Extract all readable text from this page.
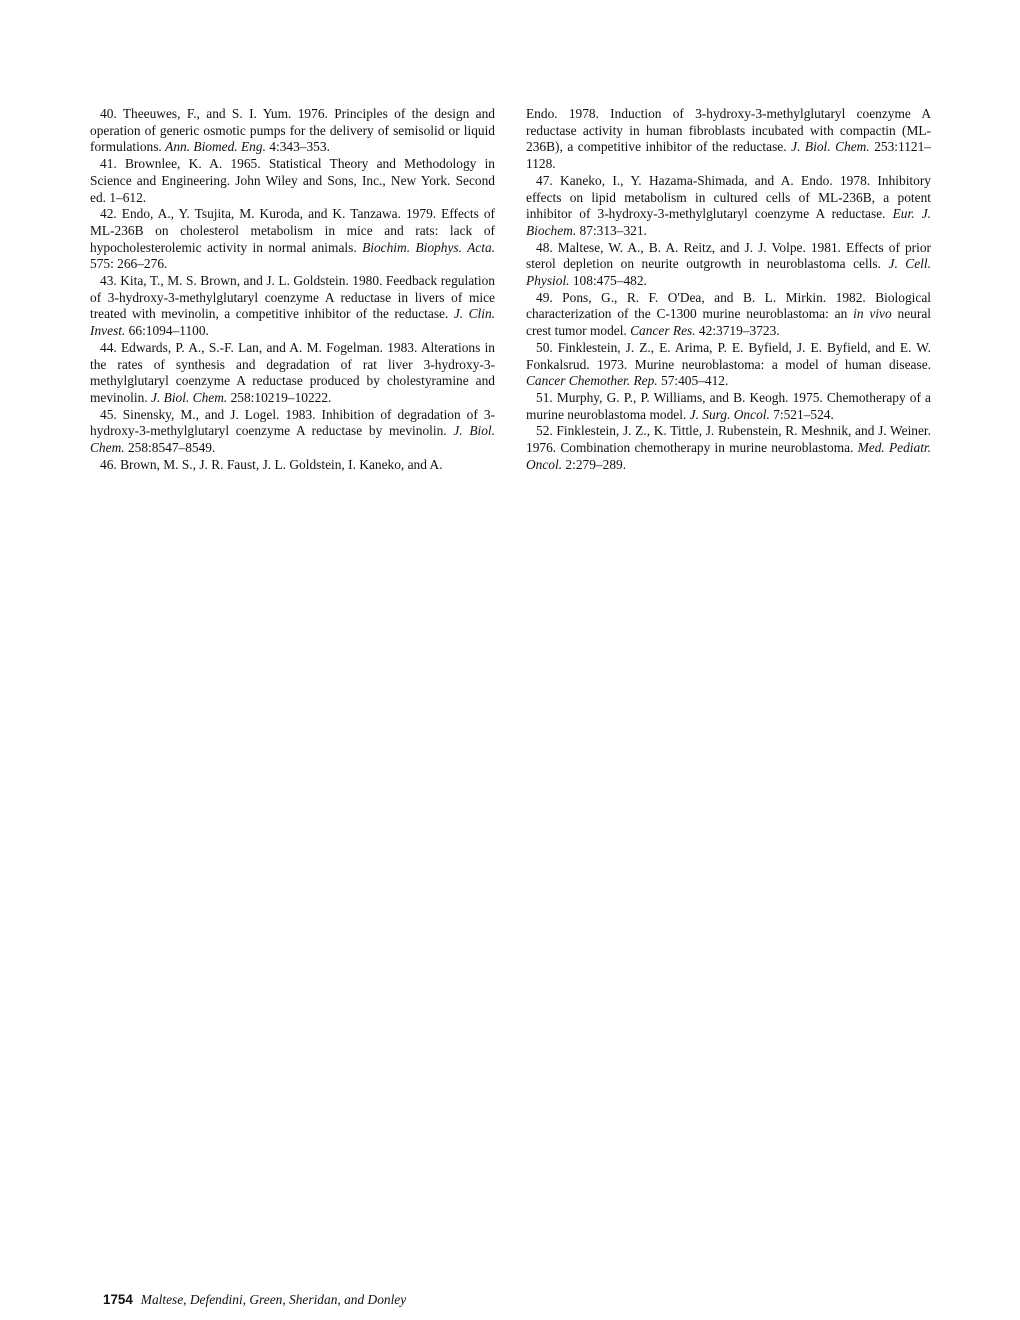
40. Theeuwes, F., and S. I. Yum. 1976. Principles of the design and operation of generic osmotic pumps for the delivery of semisolid or liquid formulations. Ann. Biomed. Eng. 4:343–353.

41. Brownlee, K. A. 1965. Statistical Theory and Methodology in Science and Engineering. John Wiley and Sons, Inc., New York. Second ed. 1–612.

42. Endo, A., Y. Tsujita, M. Kuroda, and K. Tanzawa. 1979. Effects of ML-236B on cholesterol metabolism in mice and rats: lack of hypocholesterolemic activity in normal animals. Biochim. Biophys. Acta. 575: 266–276.

43. Kita, T., M. S. Brown, and J. L. Goldstein. 1980. Feedback regulation of 3-hydroxy-3-methylglutaryl coenzyme A reductase in livers of mice treated with mevinolin, a competitive inhibitor of the reductase. J. Clin. Invest. 66:1094–1100.

44. Edwards, P. A., S.-F. Lan, and A. M. Fogelman. 1983. Alterations in the rates of synthesis and degradation of rat liver 3-hydroxy-3-methylglutaryl coenzyme A reductase produced by cholestyramine and mevinolin. J. Biol. Chem. 258:10219–10222.

45. Sinensky, M., and J. Logel. 1983. Inhibition of degradation of 3-hydroxy-3-methylglutaryl coenzyme A reductase by mevinolin. J. Biol. Chem. 258:8547–8549.

46. Brown, M. S., J. R. Faust, J. L. Goldstein, I. Kaneko, and A.

Endo. 1978. Induction of 3-hydroxy-3-methylglutaryl coenzyme A reductase activity in human fibroblasts incubated with compactin (ML-236B), a competitive inhibitor of the reductase. J. Biol. Chem. 253:1121–1128.

47. Kaneko, I., Y. Hazama-Shimada, and A. Endo. 1978. Inhibitory effects on lipid metabolism in cultured cells of ML-236B, a potent inhibitor of 3-hydroxy-3-methylglutaryl coenzyme A reductase. Eur. J. Biochem. 87:313–321.

48. Maltese, W. A., B. A. Reitz, and J. J. Volpe. 1981. Effects of prior sterol depletion on neurite outgrowth in neuroblastoma cells. J. Cell. Physiol. 108:475–482.

49. Pons, G., R. F. O'Dea, and B. L. Mirkin. 1982. Biological characterization of the C-1300 murine neuroblastoma: an in vivo neural crest tumor model. Cancer Res. 42:3719–3723.

50. Finklestein, J. Z., E. Arima, P. E. Byfield, J. E. Byfield, and E. W. Fonkalsrud. 1973. Murine neuroblastoma: a model of human disease. Cancer Chemother. Rep. 57:405–412.

51. Murphy, G. P., P. Williams, and B. Keogh. 1975. Chemotherapy of a murine neuroblastoma model. J. Surg. Oncol. 7:521–524.

52. Finklestein, J. Z., K. Tittle, J. Rubenstein, R. Meshnik, and J. Weiner. 1976. Combination chemotherapy in murine neuroblastoma. Med. Pediatr. Oncol. 2:279–289.

1754 Maltese, Defendini, Green, Sheridan, and Donley
